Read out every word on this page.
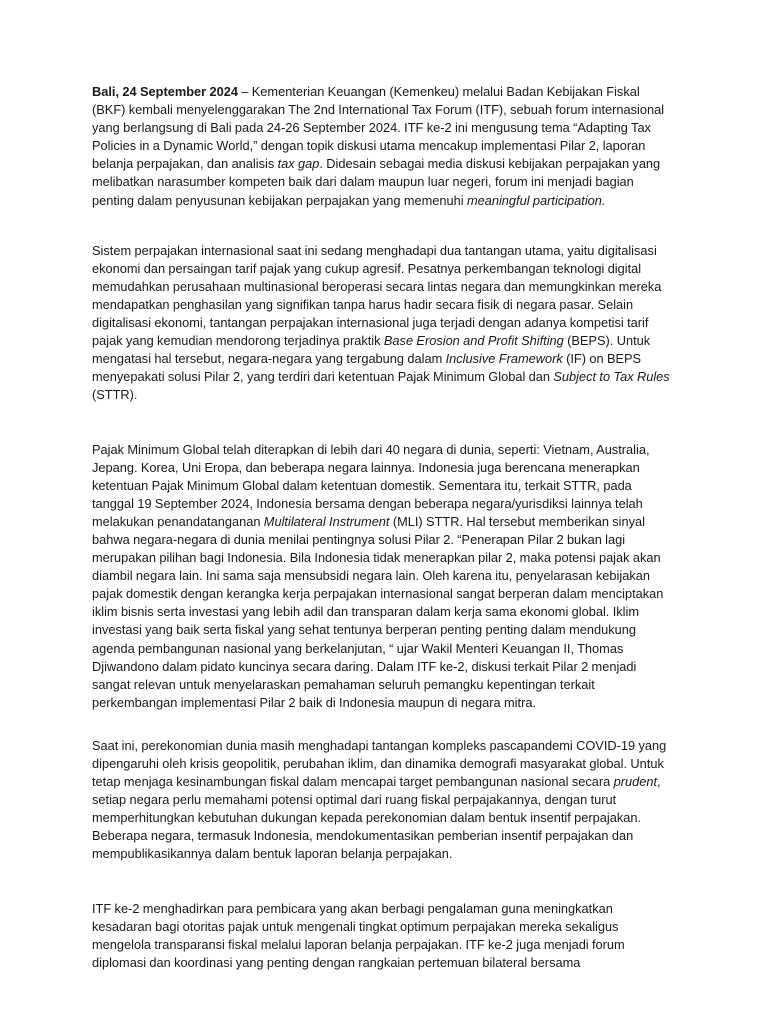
Bali, 24 September 2024 – Kementerian Keuangan (Kemenkeu) melalui Badan Kebijakan Fiskal (BKF) kembali menyelenggarakan The 2nd International Tax Forum (ITF), sebuah forum internasional yang berlangsung di Bali pada 24-26 September 2024. ITF ke-2 ini mengusung tema “Adapting Tax Policies in a Dynamic World,” dengan topik diskusi utama mencakup implementasi Pilar 2, laporan belanja perpajakan, dan analisis tax gap. Didesain sebagai media diskusi kebijakan perpajakan yang melibatkan narasumber kompeten baik dari dalam maupun luar negeri, forum ini menjadi bagian penting dalam penyusunan kebijakan perpajakan yang memenuhi meaningful participation.

Sistem perpajakan internasional saat ini sedang menghadapi dua tantangan utama, yaitu digitalisasi ekonomi dan persaingan tarif pajak yang cukup agresif. Pesatnya perkembangan teknologi digital memudahkan perusahaan multinasional beroperasi secara lintas negara dan memungkinkan mereka mendapatkan penghasilan yang signifikan tanpa harus hadir secara fisik di negara pasar. Selain digitalisasi ekonomi, tantangan perpajakan internasional juga terjadi dengan adanya kompetisi tarif pajak yang kemudian mendorong terjadinya praktik Base Erosion and Profit Shifting (BEPS). Untuk mengatasi hal tersebut, negara-negara yang tergabung dalam Inclusive Framework (IF) on BEPS menyepakati solusi Pilar 2, yang terdiri dari ketentuan Pajak Minimum Global dan Subject to Tax Rules (STTR).

Pajak Minimum Global telah diterapkan di lebih dari 40 negara di dunia, seperti: Vietnam, Australia, Jepang. Korea, Uni Eropa, dan beberapa negara lainnya. Indonesia juga berencana menerapkan ketentuan Pajak Minimum Global dalam ketentuan domestik. Sementara itu, terkait STTR, pada tanggal 19 September 2024, Indonesia bersama dengan beberapa negara/yurisdiksi lainnya telah melakukan penandatanganan Multilateral Instrument (MLI) STTR. Hal tersebut memberikan sinyal bahwa negara-negara di dunia menilai pentingnya solusi Pilar 2. “Penerapan Pilar 2 bukan lagi merupakan pilihan bagi Indonesia. Bila Indonesia tidak menerapkan pilar 2, maka potensi pajak akan diambil negara lain. Ini sama saja mensubsidi negara lain. Oleh karena itu, penyelarasan kebijakan pajak domestik dengan kerangka kerja perpajakan internasional sangat berperan dalam menciptakan iklim bisnis serta investasi yang lebih adil dan transparan dalam kerja sama ekonomi global. Iklim investasi yang baik serta fiskal yang sehat tentunya berperan penting penting dalam mendukung agenda pembangunan nasional yang berkelanjutan, “ ujar Wakil Menteri Keuangan II, Thomas Djiwandono dalam pidato kuncinya secara daring. Dalam ITF ke-2, diskusi terkait Pilar 2 menjadi sangat relevan untuk menyelaraskan pemahaman seluruh pemangku kepentingan terkait perkembangan implementasi Pilar 2 baik di Indonesia maupun di negara mitra.

Saat ini, perekonomian dunia masih menghadapi tantangan kompleks pascapandemi COVID-19 yang dipengaruhi oleh krisis geopolitik, perubahan iklim, dan dinamika demografi masyarakat global. Untuk tetap menjaga kesinambungan fiskal dalam mencapai target pembangunan nasional secara prudent, setiap negara perlu memahami potensi optimal dari ruang fiskal perpajakannya, dengan turut memperhitungkan kebutuhan dukungan kepada perekonomian dalam bentuk insentif perpajakan. Beberapa negara, termasuk Indonesia, mendokumentasikan pemberian insentif perpajakan dan mempublikasikannya dalam bentuk laporan belanja perpajakan.

ITF ke-2 menghadirkan para pembicara yang akan berbagi pengalaman guna meningkatkan kesadaran bagi otoritas pajak untuk mengenali tingkat optimum perpajakan mereka sekaligus mengelola transparansi fiskal melalui laporan belanja perpajakan. ITF ke-2 juga menjadi forum diplomasi dan koordinasi yang penting dengan rangkaian pertemuan bilateral bersama
